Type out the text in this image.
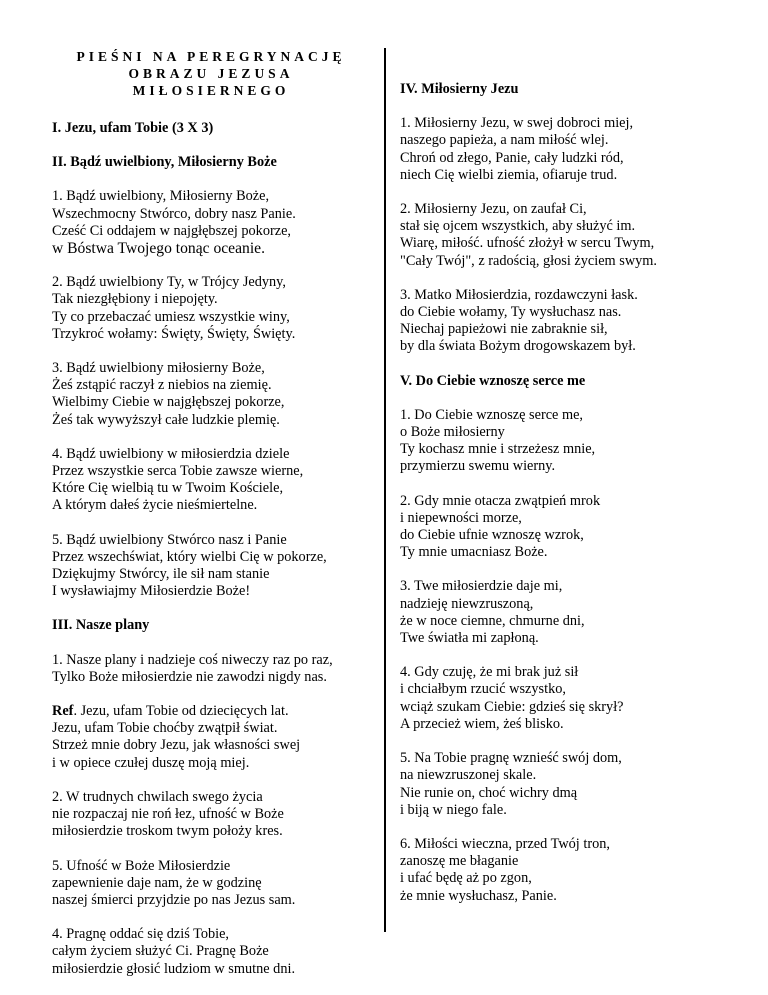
PIEŚNI NA PEREGRYNACJĘ
OBRAZU JEZUSA
MIŁOSIERNEGO
I. Jezu, ufam Tobie (3 X 3)
II. Bądź uwielbiony, Miłosierny Boże
1. Bądź uwielbiony, Miłosierny Boże,
Wszechmocny Stwórco, dobry nasz Panie.
Cześć Ci oddajem w najgłębszej pokorze,
w Bóstwa Twojego tonąc oceanie.
2. Bądź uwielbiony Ty, w Trójcy Jedyny,
Tak niezgłębiony i niepojęty.
Ty co przebaczać umiesz wszystkie winy,
Trzykroć wołamy: Święty, Święty, Święty.
3. Bądź uwielbiony miłosierny Boże,
Żeś zstąpić raczył z niebios na ziemię.
Wielbimy Ciebie w najgłębszej pokorze,
Żeś tak wywyższył całe ludzkie plemię.
4. Bądź uwielbiony w miłosierdzia dziele
Przez wszystkie serca Tobie zawsze wierne,
Które Cię wielbią tu w Twoim Kościele,
A którym dałeś życie nieśmiertelne.
5. Bądź uwielbiony Stwórco nasz i Panie
Przez wszechświat, który wielbi Cię w pokorze,
Dziękujmy Stwórcy, ile sił nam stanie
I wysławiajmy Miłosierdzie Boże!
III. Nasze plany
1. Nasze plany i nadzieje coś niweczy raz po raz,
Tylko Boże miłosierdzie nie zawodzi nigdy nas.
Ref. Jezu, ufam Tobie od dziecięcych lat.
Jezu, ufam Tobie choćby zwątpił świat.
Strzeż mnie dobry Jezu, jak własności swej
i w opiece czułej duszę moją miej.
2. W trudnych chwilach swego życia
nie rozpaczaj nie roń łez, ufność w Boże
miłosierdzie troskom twym położy kres.
5. Ufność w Boże Miłosierdzie
zapewnienie daje nam, że w godzinę
naszej śmierci przyjdzie po nas Jezus sam.
4. Pragnę oddać się dziś Tobie,
całym życiem służyć Ci. Pragnę Boże
miłosierdzie głosić ludziom w smutne dni.
IV. Miłosierny Jezu
1. Miłosierny Jezu, w swej dobroci miej,
naszego papieża, a nam miłość wlej.
Chroń od złego, Panie, cały ludzki ród,
niech Cię wielbi ziemia, ofiaruje trud.
2. Miłosierny Jezu, on zaufał Ci,
stał się ojcem wszystkich, aby służyć im.
Wiarę, miłość. ufność złożył w sercu Twym,
"Cały Twój", z radością, głosi życiem swym.
3. Matko Miłosierdzia, rozdawczyni łask.
do Ciebie wołamy, Ty wysłuchasz nas.
Niechaj papieżowi nie zabraknie sił,
by dla świata Bożym drogowskazem był.
V. Do Ciebie wznoszę serce me
1. Do Ciebie wznoszę serce me,
o Boże miłosierny
Ty kochasz mnie i strzeżesz mnie,
przymierzu swemu wierny.
2. Gdy mnie otacza zwątpień mrok
i niepewności morze,
do Ciebie ufnie wznoszę wzrok,
Ty mnie umacniasz Boże.
3. Twe miłosierdzie daje mi,
nadzieję niewzruszoną,
że w noce ciemne, chmurne dni,
Twe światła mi zapłoną.
4. Gdy czuję, że mi brak już sił
i chciałbym rzucić wszystko,
wciąż szukam Ciebie: gdzieś się skrył?
A przecież wiem, żeś blisko.
5. Na Tobie pragnę wznieść swój dom,
na niewzruszonej skale.
Nie runie on, choć wichry dmą
i biją w niego fale.
6. Miłości wieczna, przed Twój tron,
zanoszę me błaganie
i ufać będę aż po zgon,
że mnie wysłuchasz, Panie.
